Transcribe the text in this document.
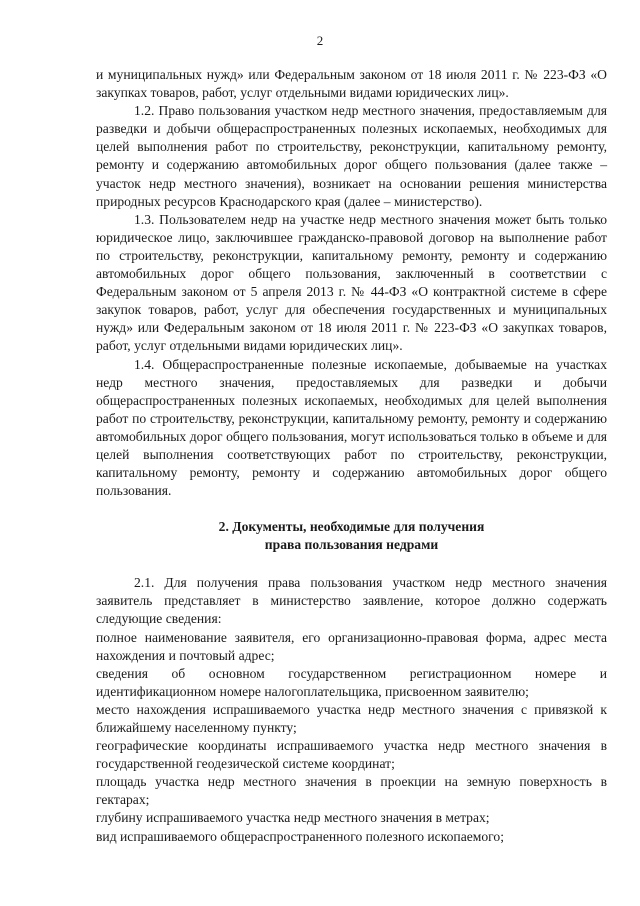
2

и муниципальных нужд» или Федеральным законом от 18 июля 2011 г. № 223-ФЗ «О закупках товаров, работ, услуг отдельными видами юридических лиц».

1.2. Право пользования участком недр местного значения, предоставляемым для разведки и добычи общераспространенных полезных ископаемых, необходимых для целей выполнения работ по строительству, реконструкции, капитальному ремонту, ремонту и содержанию автомобильных дорог общего пользования (далее также – участок недр местного значения), возникает на основании решения министерства природных ресурсов Краснодарского края (далее – министерство).

1.3. Пользователем недр на участке недр местного значения может быть только юридическое лицо, заключившее гражданско-правовой договор на выполнение работ по строительству, реконструкции, капитальному ремонту, ремонту и содержанию автомобильных дорог общего пользования, заключенный в соответствии с Федеральным законом от 5 апреля 2013 г. № 44-ФЗ «О контрактной системе в сфере закупок товаров, работ, услуг для обеспечения государственных и муниципальных нужд» или Федеральным законом от 18 июля 2011 г. № 223-ФЗ «О закупках товаров, работ, услуг отдельными видами юридических лиц».

1.4. Общераспространенные полезные ископаемые, добываемые на участках недр местного значения, предоставляемых для разведки и добычи общераспространенных полезных ископаемых, необходимых для целей выполнения работ по строительству, реконструкции, капитальному ремонту, ремонту и содержанию автомобильных дорог общего пользования, могут использоваться только в объеме и для целей выполнения соответствующих работ по строительству, реконструкции, капитальному ремонту, ремонту и содержанию автомобильных дорог общего пользования.

2. Документы, необходимые для получения
права пользования недрами

2.1. Для получения права пользования участком недр местного значения заявитель представляет в министерство заявление, которое должно содержать следующие сведения:

полное наименование заявителя, его организационно-правовая форма, адрес места нахождения и почтовый адрес;

сведения об основном государственном регистрационном номере и идентификационном номере налогоплательщика, присвоенном заявителю;

место нахождения испрашиваемого участка недр местного значения с привязкой к ближайшему населенному пункту;

географические координаты испрашиваемого участка недр местного значения в государственной геодезической системе координат;

площадь участка недр местного значения в проекции на земную поверхность в гектарах;

глубину испрашиваемого участка недр местного значения в метрах;

вид испрашиваемого общераспространенного полезного ископаемого;
